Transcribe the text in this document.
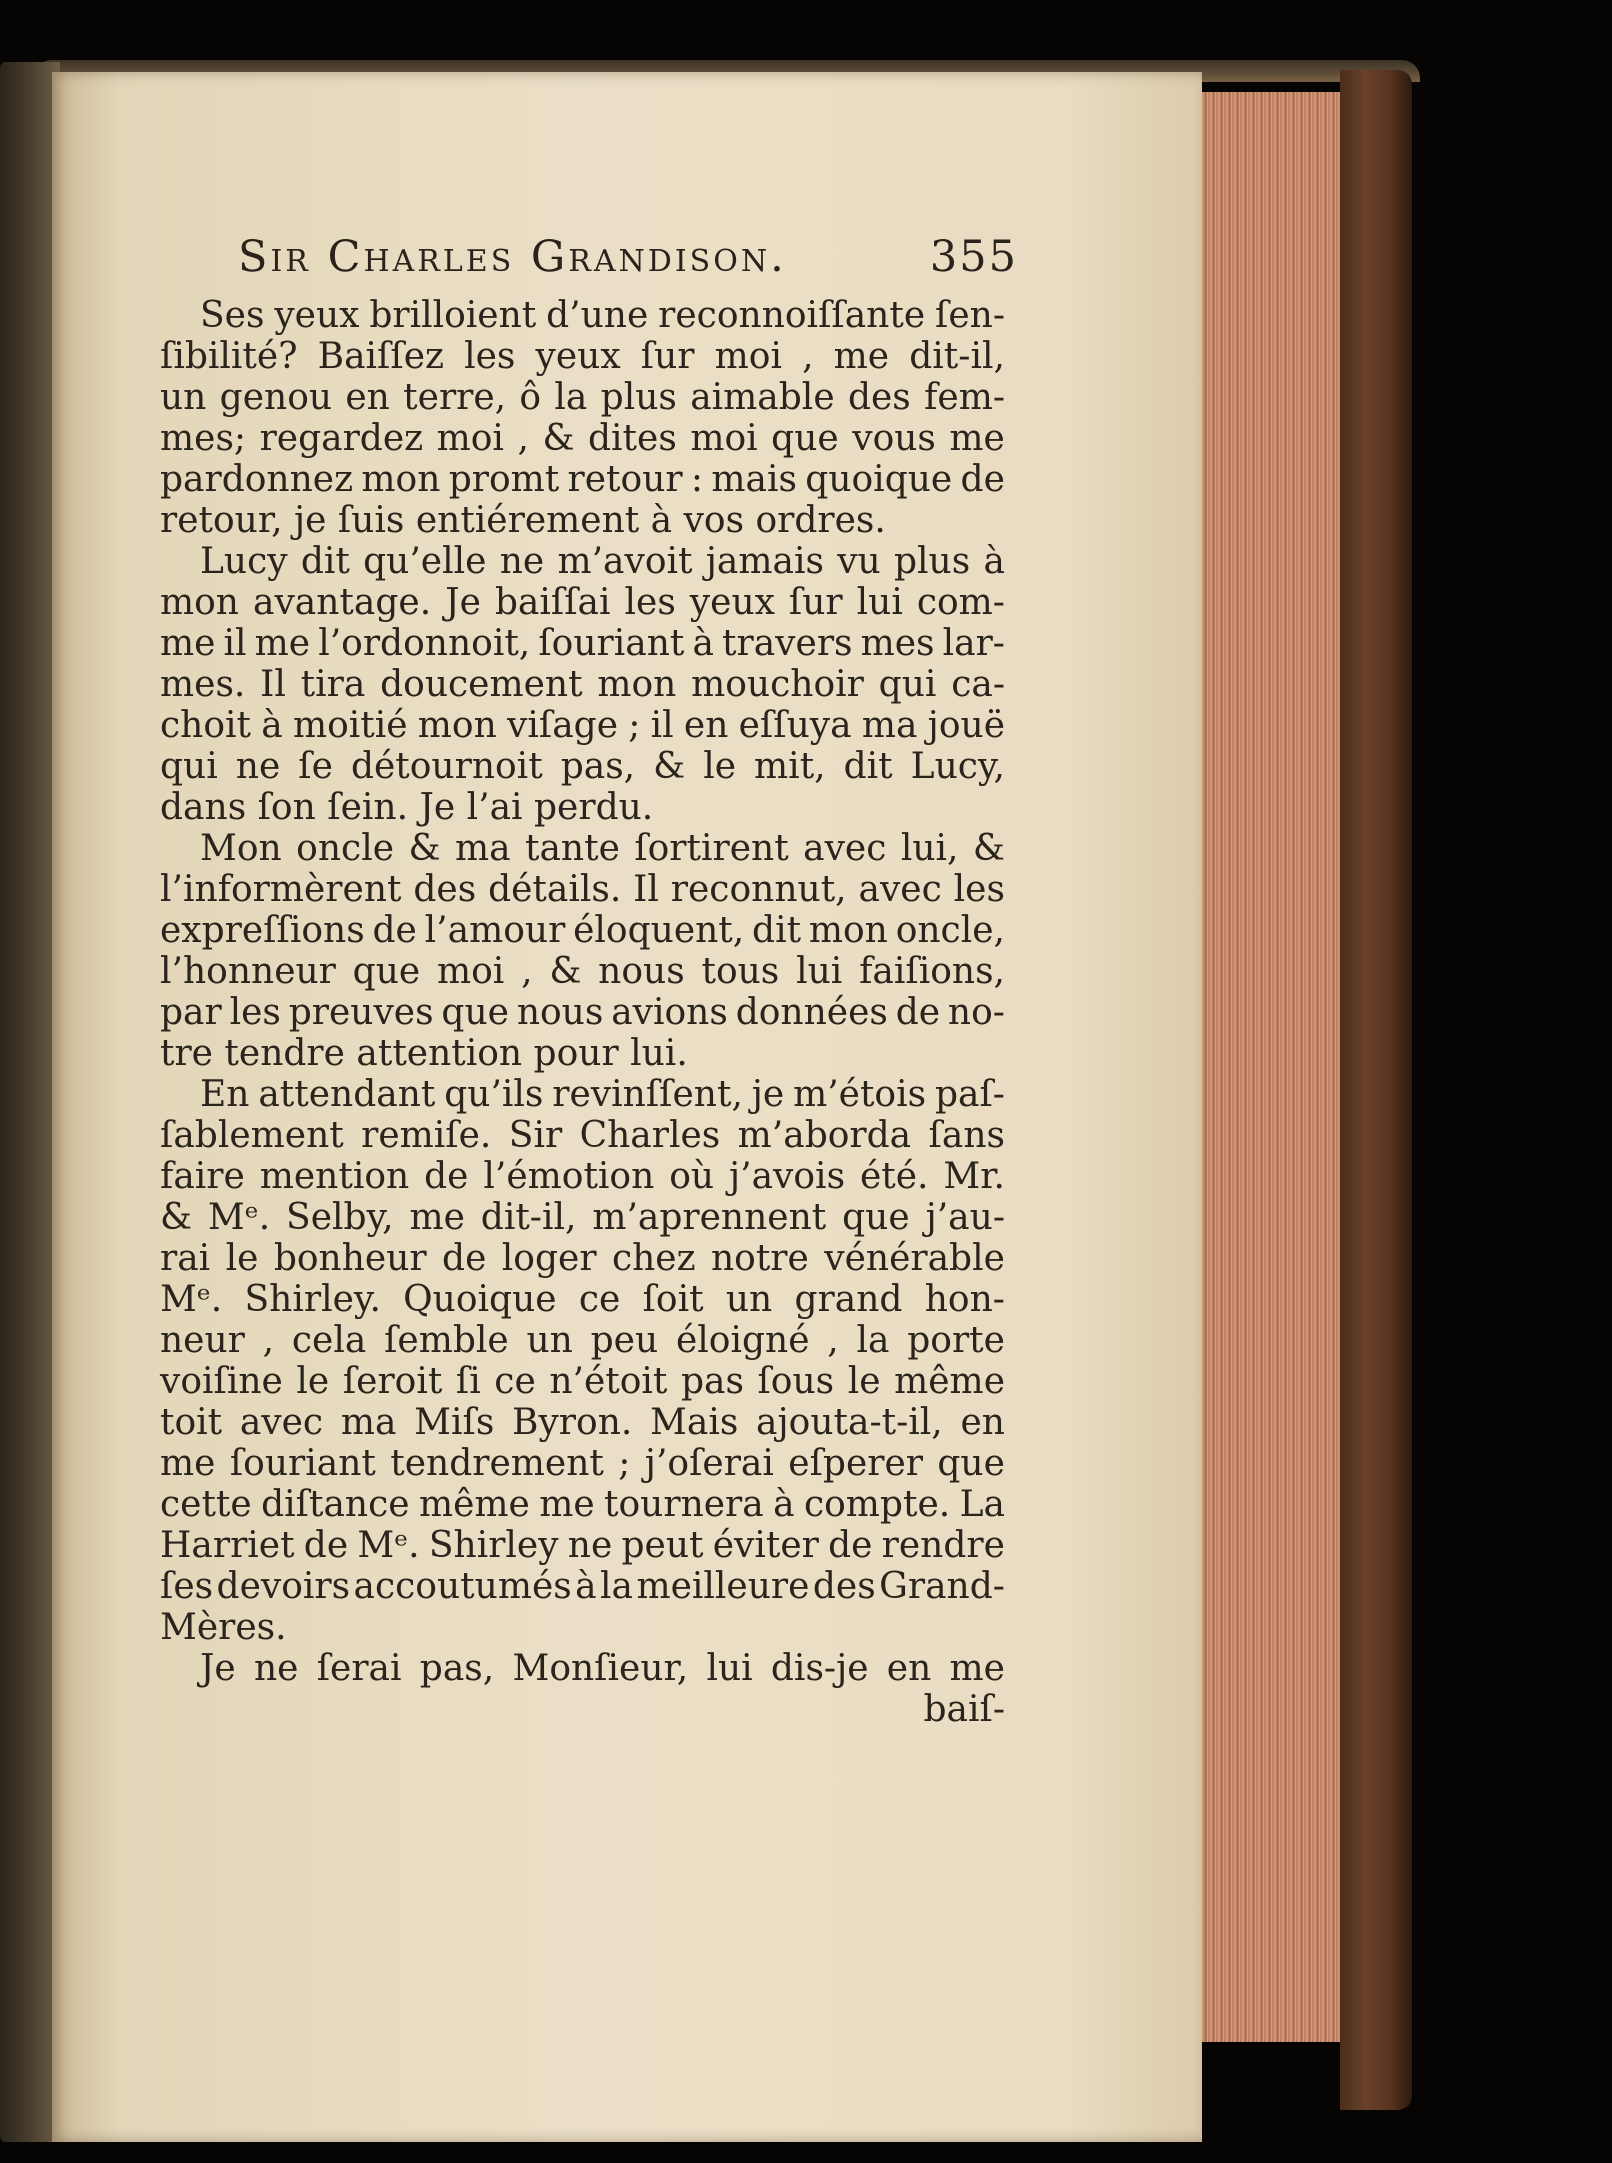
Sir Charles Grandison.	355
Ses yeux brilloient d’une reconnoiſſante ſen-
ſibilité? Baiſſez les yeux ſur moi , me dit-il,
un genou en terre, ô la plus aimable des fem-
mes; regardez moi , & dites moi que vous me
pardonnez mon promt retour : mais quoique de
retour, je ſuis entiérement à vos ordres.
Lucy dit qu’elle ne m’avoit jamais vu plus à
mon avantage. Je baiſſai les yeux ſur lui com-
me il me l’ordonnoit, ſouriant à travers mes lar-
mes. Il tira doucement mon mouchoir qui ca-
choit à moitié mon viſage ; il en eſſuya ma jouë
qui ne ſe détournoit pas, & le mit, dit Lucy,
dans ſon ſein. Je l’ai perdu.
Mon oncle & ma tante ſortirent avec lui, &
l’informèrent des détails. Il reconnut, avec les
expreſſions de l’amour éloquent, dit mon oncle,
l’honneur que moi , & nous tous lui faiſions,
par les preuves que nous avions données de no-
tre tendre attention pour lui.
En attendant qu’ils revinſſent, je m’étois paſ-
ſablement remiſe. Sir Charles m’aborda ſans
faire mention de l’émotion où j’avois été. Mr.
& Mᵉ. Selby, me dit-il, m’aprennent que j’au-
rai le bonheur de loger chez notre vénérable
Mᵉ. Shirley. Quoique ce ſoit un grand hon-
neur , cela ſemble un peu éloigné , la porte
voiſine le ſeroit ſi ce n’étoit pas ſous le même
toit avec ma Miſs Byron. Mais ajouta-t-il, en
me ſouriant tendrement ; j’oſerai eſperer que
cette diſtance même me tournera à compte. La
Harriet de Mᵉ. Shirley ne peut éviter de rendre
ſes devoirs accoutumés à la meilleure des Grand-
Mères.
Je ne ſerai pas, Monſieur, lui dis-je en me
baiſ-
